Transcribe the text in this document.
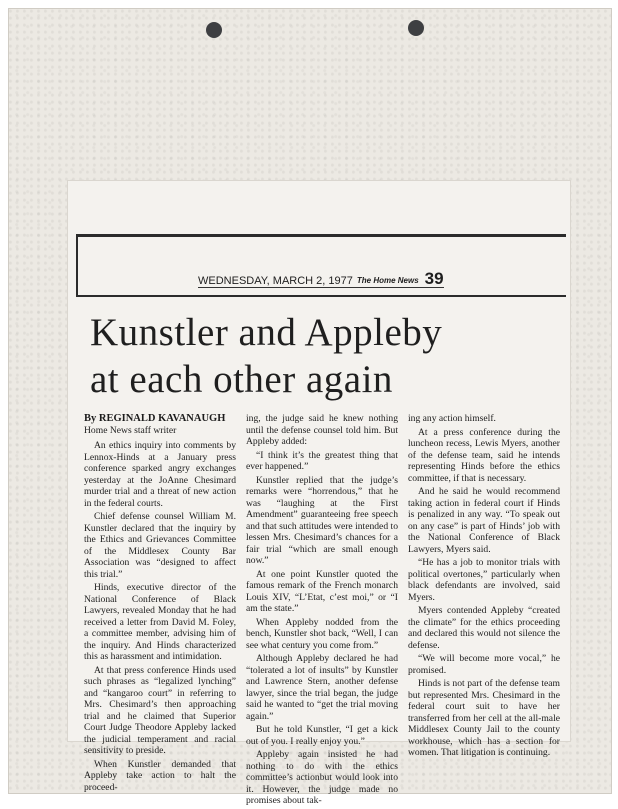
WEDNESDAY, MARCH 2, 1977 The Home News 39
Kunstler and Appleby
at each other again

By REGINALD KAVANAUGH

Home News staff writer

An ethics inquiry into comments by Lennox-Hinds at a January press conference sparked angry exchanges yesterday at the JoAnne Chesimard murder trial and a threat of new action in the federal courts.

Chief defense counsel William M. Kunstler declared that the inquiry by the Ethics and Grievances Committee of the Middlesex County Bar Association was “designed to affect this trial.”

Hinds, executive director of the National Conference of Black Lawyers, revealed Monday that he had received a letter from David M. Foley, a committee member, advising him of the inquiry. And Hinds characterized this as harassment and intimidation.

At that press conference Hinds used such phrases as “legalized lynching” and “kangaroo court” in referring to Mrs. Chesimard’s then approaching trial and he claimed that Superior Court Judge Theodore Appleby lacked the judicial temperament and racial sensitivity to preside.

When Kunstler demanded that Appleby take action to halt the proceed-

ing, the judge said he knew nothing until the defense counsel told him. But Appleby added:

“I think it’s the greatest thing that ever happened.”

Kunstler replied that the judge’s remarks were “horrendous,” that he was “laughing at the First Amendment” guaranteeing free speech and that such attitudes were intended to lessen Mrs. Chesimard’s chances for a fair trial “which are small enough now.”

At one point Kunstler quoted the famous remark of the French monarch Louis XIV, “L’Etat, c’est moi,” or “I am the state.”

When Appleby nodded from the bench, Kunstler shot back, “Well, I can see what century you come from.”

Although Appleby declared he had “tolerated a lot of insults” by Kunstler and Lawrence Stern, another defense lawyer, since the trial began, the judge said he wanted to “get the trial moving again.”

But he told Kunstler, “I get a kick out of you. I really enjoy you.”

Appleby again insisted he had nothing to do with the ethics committee’s actionbut would look into it. However, the judge made no promises about tak-

ing any action himself.

At a press conference during the luncheon recess, Lewis Myers, another of the defense team, said he intends representing Hinds before the ethics committee, if that is necessary.

And he said he would recommend taking action in federal court if Hinds is penalized in any way. “To speak out on any case” is part of Hinds’ job with the National Conference of Black Lawyers, Myers said.

“He has a job to monitor trials with political overtones,” particularly when black defendants are involved, said Myers.

Myers contended Appleby “created the climate” for the ethics proceeding and declared this would not silence the defense.

“We will become more vocal,” he promised.

Hinds is not part of the defense team but represented Mrs. Chesimard in the federal court suit to have her transferred from her cell at the all-male Middlesex County Jail to the county workhouse, which has a section for women. That litigation is continuing.
